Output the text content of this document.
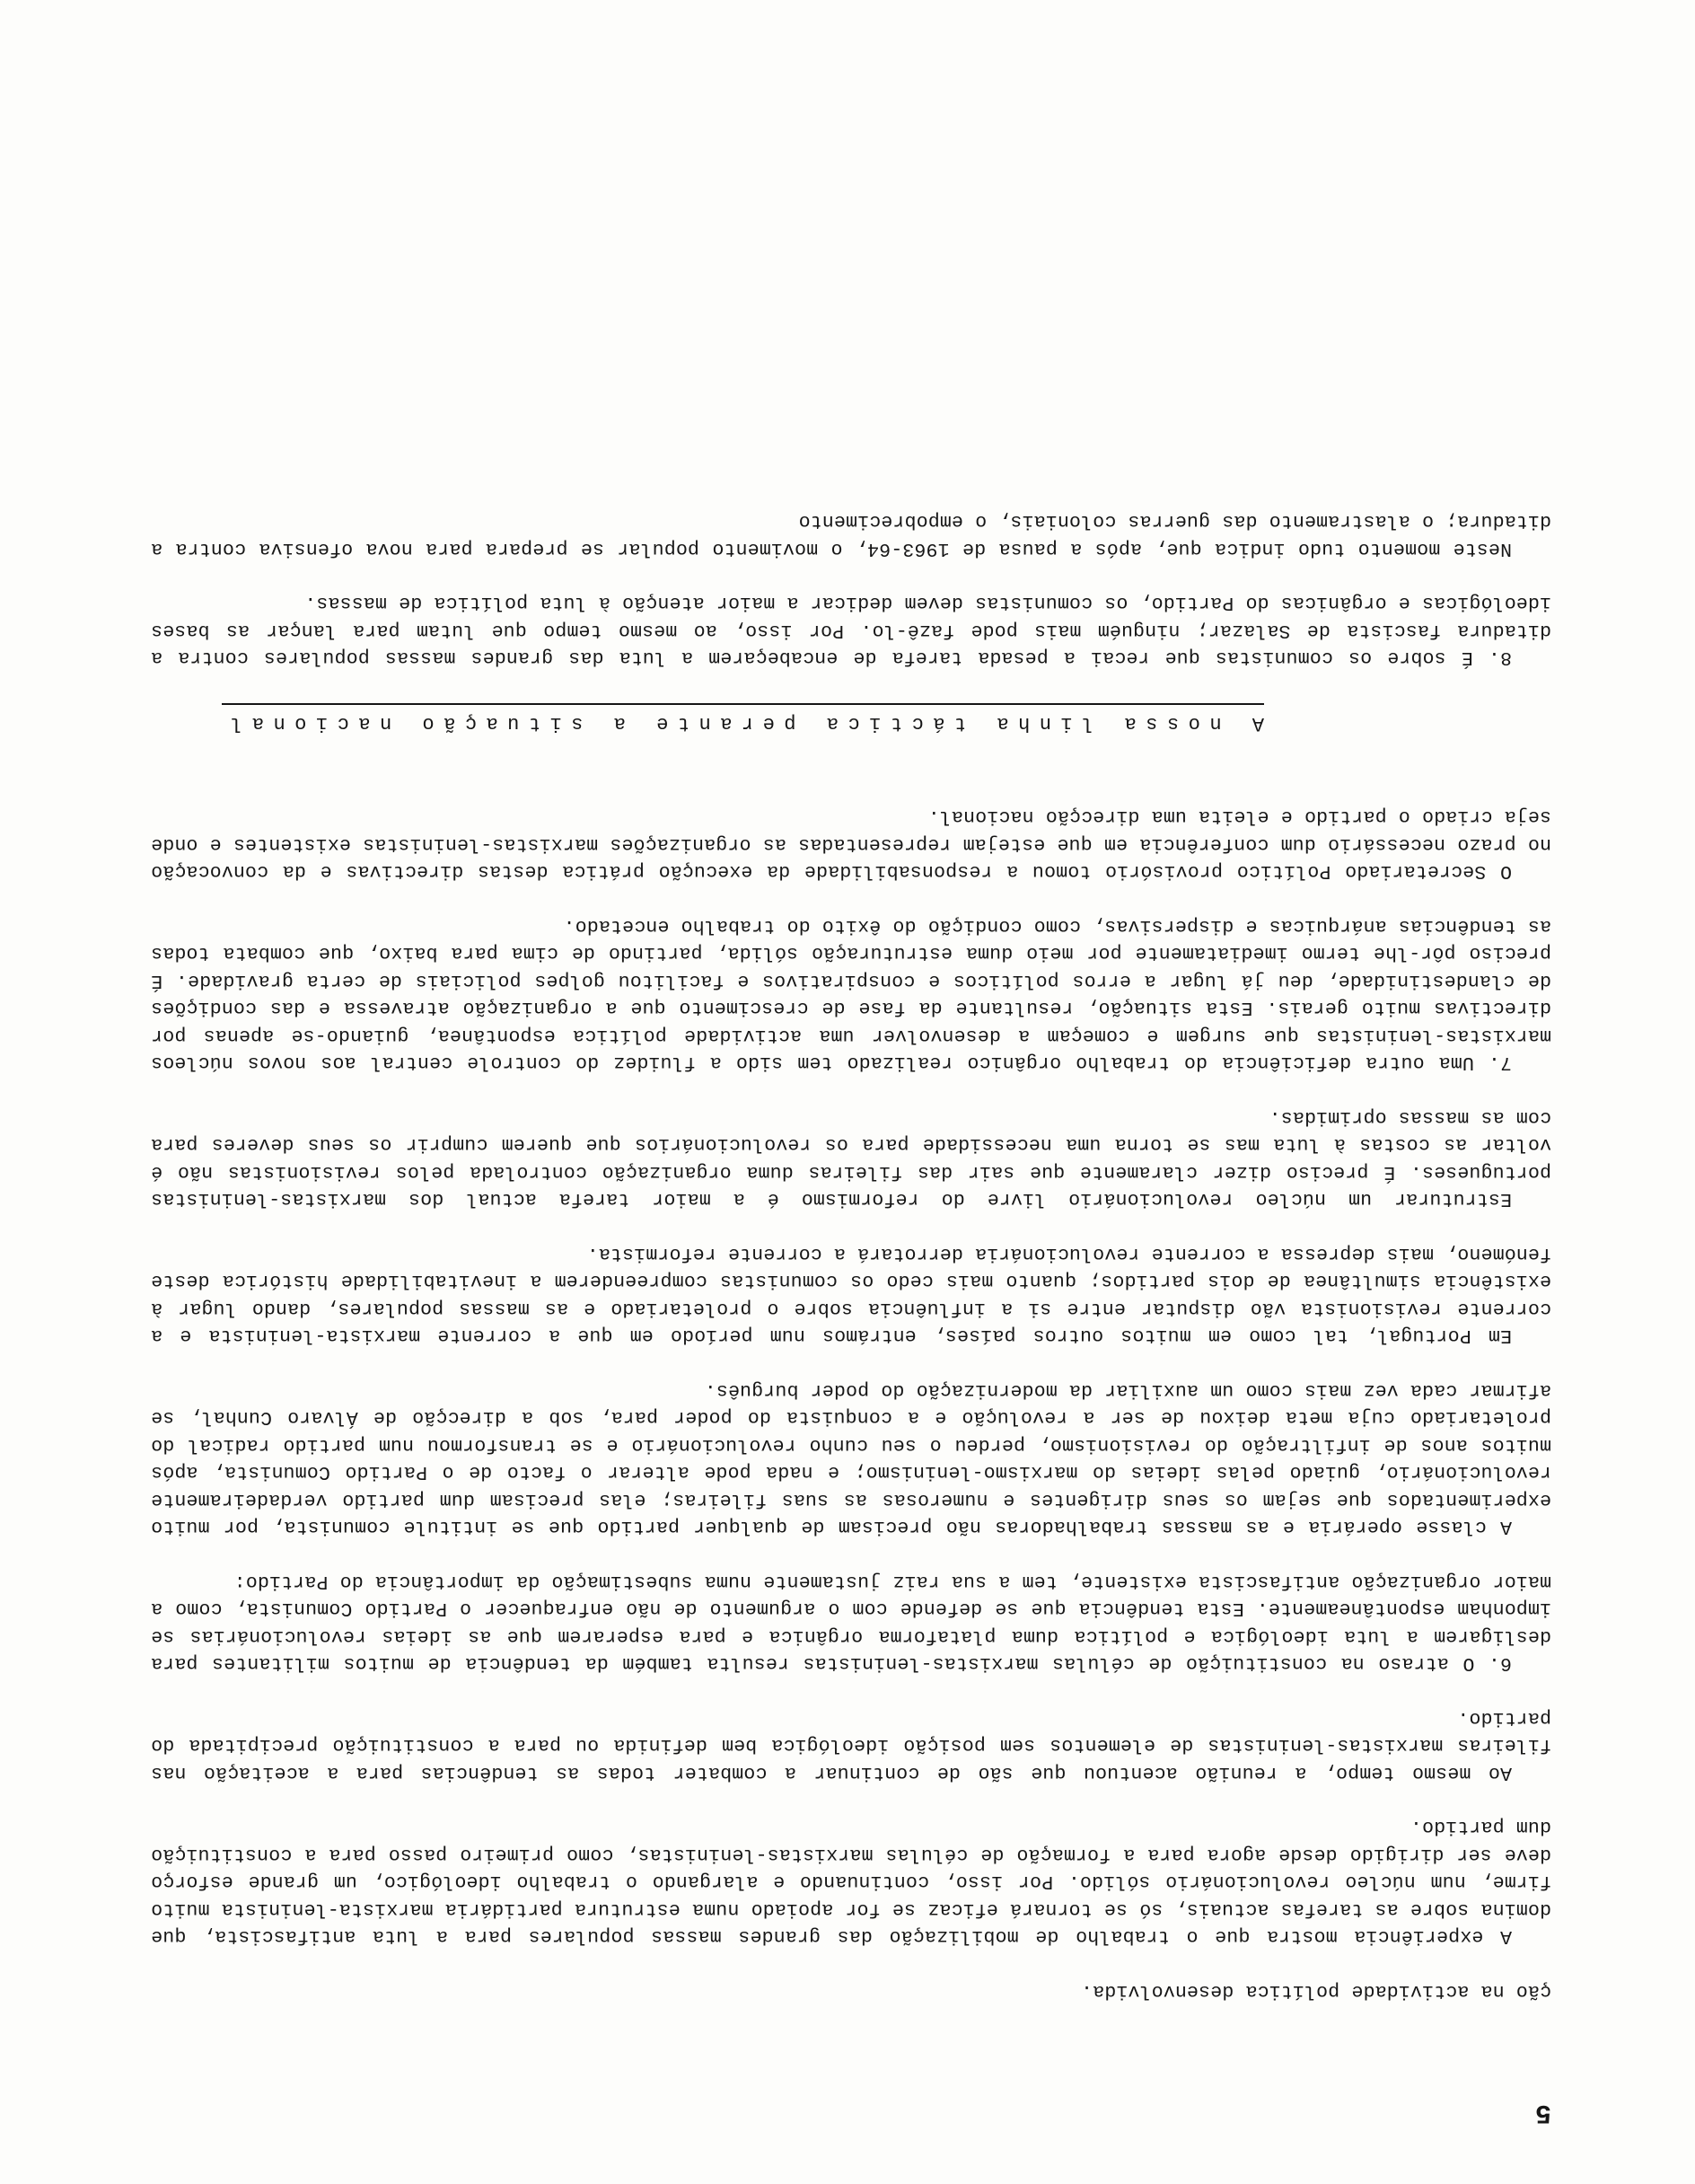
5

ção na actividade política desenvolvida.

A experiência mostra que o trabalho de mobilização das grandes massas populares para a luta antifascista, que domina sobre as tarefas actuais, só se tornará eficaz se for apoiado numa estrutura partidária marxista-leninista muito firme, num núcleo revolucionário sólido. Por isso, continuando e alargando o trabalho ideológico, um grande esforço deve ser dirigido desde agora para a formação de células marxistas-leninistas, como primeiro passo para a constituição dum partido.

Ao mesmo tempo, a reunião acentuou que são de continuar a combater todas as tendências para a aceitação nas fileiras marxistas-leninistas de elementos sem posição ideológica bem definida ou para a constituição precipitada do partido.

6. O atraso na constituição de células marxistas-leninistas resulta também da tendência de muitos militantes para desligarem a luta ideológica e política duma plataforma orgânica e para esperarem que as ideias revolucionárias se imponham espontâneamente. Esta tendência que se defende com o argumento de não enfraquecer o Partido Comunista, como a maior organização antifascista existente, tem a sua raiz justamente numa subestimação da importância do Partido:

A classe operária e as massas trabalhadoras não precisam de qualquer partido que se intitule comunista, por muito experimentados que sejam os seus dirigentes e numerosas as suas fileiras; elas precisam dum partido verdadeiramente revolucionário, guiado pelas ideias do marxismo-leninismo; e nada pode alterar o facto de o Partido Comunista, após muitos anos de infiltração do revisionismo, perdeu o seu cunho revolucionário e se transformou num partido radical do proletariado cuja meta deixou de ser a revolução e a conquista do poder para, sob a direcção de Álvaro Cunhal, se afirmar cada vez mais como um auxiliar da modernização do poder burguês.

Em Portugal, tal como em muitos outros países, entrámos num período em que a corrente marxista-leninista e a corrente revisionista vão disputar entre si a influência sobre o proletariado e as massas populares, dando lugar à existência simultânea de dois partidos; quanto mais cedo os comunistas compreenderem a inevitabilidade histórica deste fenómeno, mais depressa a corrente revolucionária derrotará a corrente reformista.

Estruturar um núcleo revolucionário livre do reformismo é a maior tarefa actual dos marxistas-leninistas portugueses. É preciso dizer claramente que sair das fileiras duma organização controlada pelos revisionistas não é voltar as costas à luta mas se torna uma necessidade para os revolucionários que querem cumprir os seus deveres para com as massas oprimidas.

7. Uma outra deficiência do trabalho orgânico realizado tem sido a fluidez do controle central aos novos núcleos marxistas-leninistas que surgem e começam a desenvolver uma actividade política espontânea, guiando-se apenas por directivas muito gerais. Esta situação, resultante da fase de crescimento que a organização atravessa e das condições de clandestinidade, deu já lugar a erros políticos e conspirativos e facilitou golpes policiais de certa gravidade. É preciso pôr-lhe termo imediatamente por meio duma estruturação sólida, partindo de cima para baixo, que combata todas as tendências anárquicas e dispersivas, como condição do êxito do trabalho encetado.

O Secretariado Político provisório tomou a responsabilidade da execução prática destas directivas e da convocação no prazo necessário dum conferência em que estejam representadas as organizações marxistas-leninistas existentes e onde seja criado o partido e eleita uma direcção nacional.

A nossa linha táctica perante a situação nacional

8. É sobre os comunistas que recai a pesada tarefa de encabeçarem a luta das grandes massas populares contra a ditadura fascista de Salazar; ninguém mais pode fazê-lo. Por isso, ao mesmo tempo que lutam para lançar as bases ideológicas e orgânicas do Partido, os comunistas devem dedicar a maior atenção à luta política de massas.

Neste momento tudo indica que, após a pausa de 1963-64, o movimento popular se prepara para nova ofensiva contra a ditadura; o alastramento das guerras coloniais, o empobrecimento
